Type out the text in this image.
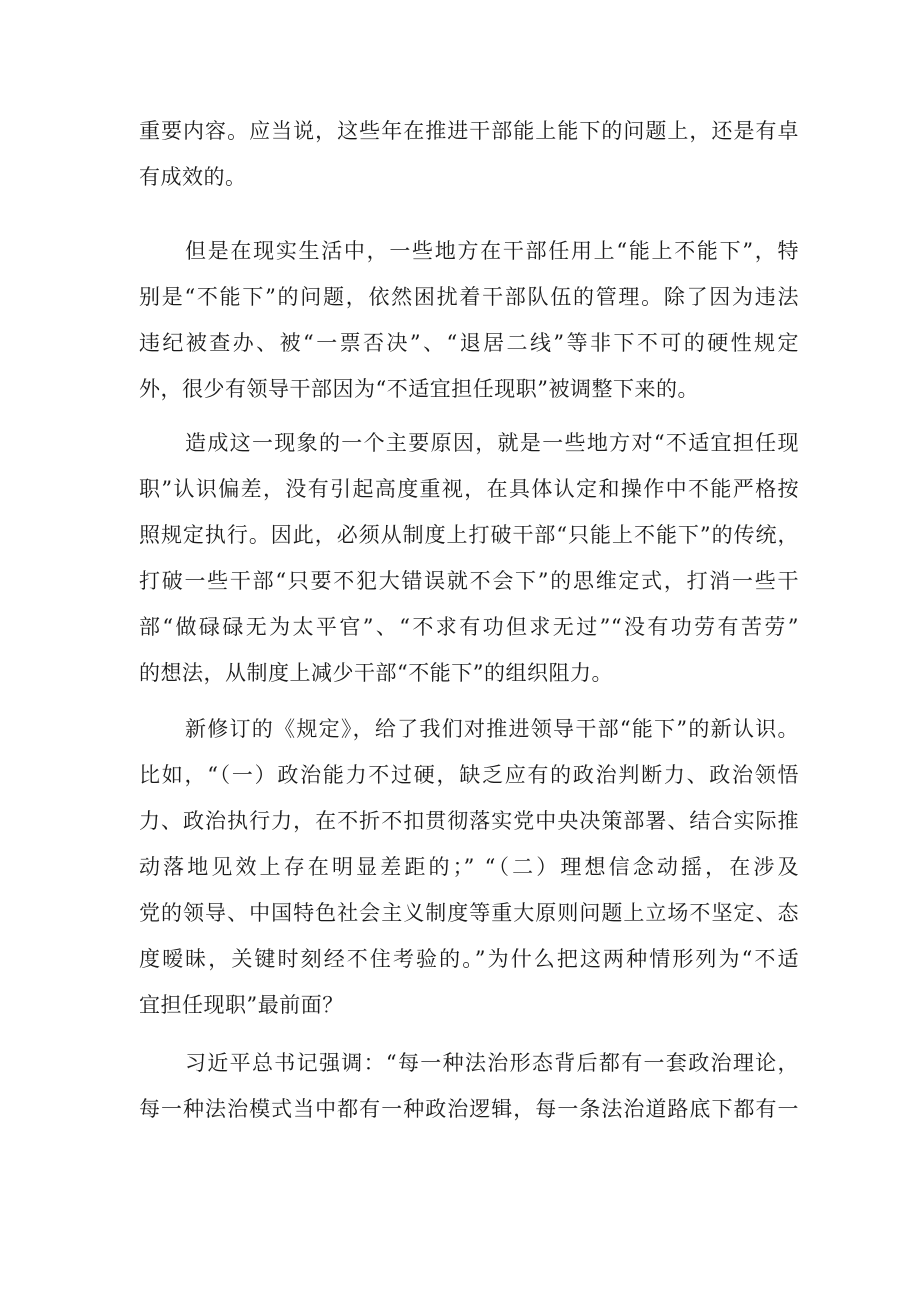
重要内容。应当说，这些年在推进干部能上能下的问题上，还是有卓
有成效的。

但是在现实生活中，一些地方在干部任用上“能上不能下”，特
别是“不能下”的问题，依然困扰着干部队伍的管理。除了因为违法
违纪被查办、被“一票否决”、“退居二线”等非下不可的硬性规定
外，很少有领导干部因为“不适宜担任现职”被调整下来的。

造成这一现象的一个主要原因，就是一些地方对“不适宜担任现
职”认识偏差，没有引起高度重视，在具体认定和操作中不能严格按
照规定执行。因此，必须从制度上打破干部“只能上不能下”的传统，
打破一些干部“只要不犯大错误就不会下”的思维定式，打消一些干
部“做碌碌无为太平官”、“不求有功但求无过”“没有功劳有苦劳”
的想法，从制度上减少干部“不能下”的组织阻力。

新修订的《规定》，给了我们对推进领导干部“能下”的新认识。
比如，“（一）政治能力不过硬，缺乏应有的政治判断力、政治领悟
力、政治执行力，在不折不扣贯彻落实党中央决策部署、结合实际推
动落地见效上存在明显差距的；” “（二）理想信念动摇，在涉及
党的领导、中国特色社会主义制度等重大原则问题上立场不坚定、态
度暧昧，关键时刻经不住考验的。”为什么把这两种情形列为“不适
宜担任现职”最前面？

习近平总书记强调：“每一种法治形态背后都有一套政治理论，
每一种法治模式当中都有一种政治逻辑，每一条法治道路底下都有一
